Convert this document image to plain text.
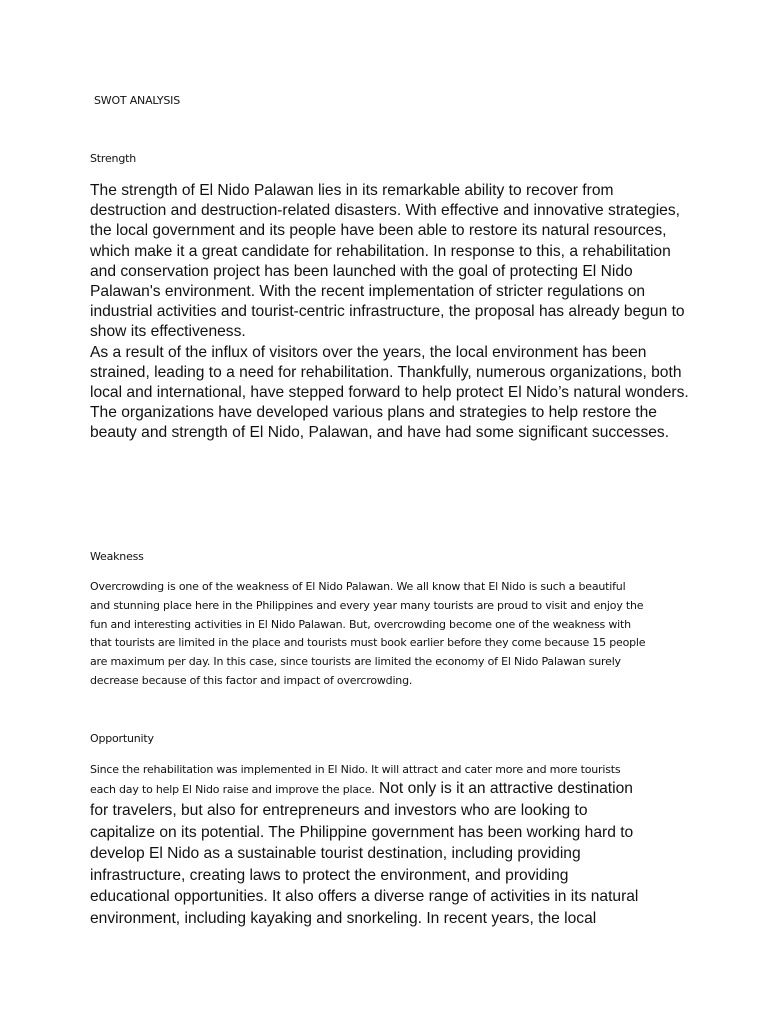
SWOT ANALYSIS
Strength

The strength of El Nido Palawan lies in its remarkable ability to recover from destruction and destruction-related disasters. With effective and innovative strategies, the local government and its people have been able to restore its natural resources, which make it a great candidate for rehabilitation. In response to this, a rehabilitation and conservation project has been launched with the goal of protecting El Nido Palawan's environment. With the recent implementation of stricter regulations on industrial activities and tourist-centric infrastructure, the proposal has already begun to show its effectiveness.

As a result of the influx of visitors over the years, the local environment has been strained, leading to a need for rehabilitation. Thankfully, numerous organizations, both local and international, have stepped forward to help protect El Nido’s natural wonders. The organizations have developed various plans and strategies to help restore the beauty and strength of El Nido, Palawan, and have had some significant successes.

Weakness
Overcrowding is one of the weakness of El Nido Palawan. We all know that El Nido is such a beautiful
and stunning place here in the Philippines and every year many tourists are proud to visit and enjoy the
fun and interesting activities in El Nido Palawan. But, overcrowding become one of the weakness with
that tourists are limited in the place and tourists must book earlier before they come because 15 people
are maximum per day. In this case, since tourists are limited the economy of El Nido Palawan surely
decrease because of this factor and impact of overcrowding.
Opportunity
Since the rehabilitation was implemented in El Nido. It will attract and cater more and more tourists
each day to help El Nido raise and improve the place. Not only is it an attractive destination
for travelers, but also for entrepreneurs and investors who are looking to
capitalize on its potential. The Philippine government has been working hard to
develop El Nido as a sustainable tourist destination, including providing
infrastructure, creating laws to protect the environment, and providing
educational opportunities. It also offers a diverse range of activities in its natural
environment, including kayaking and snorkeling. In recent years, the local
